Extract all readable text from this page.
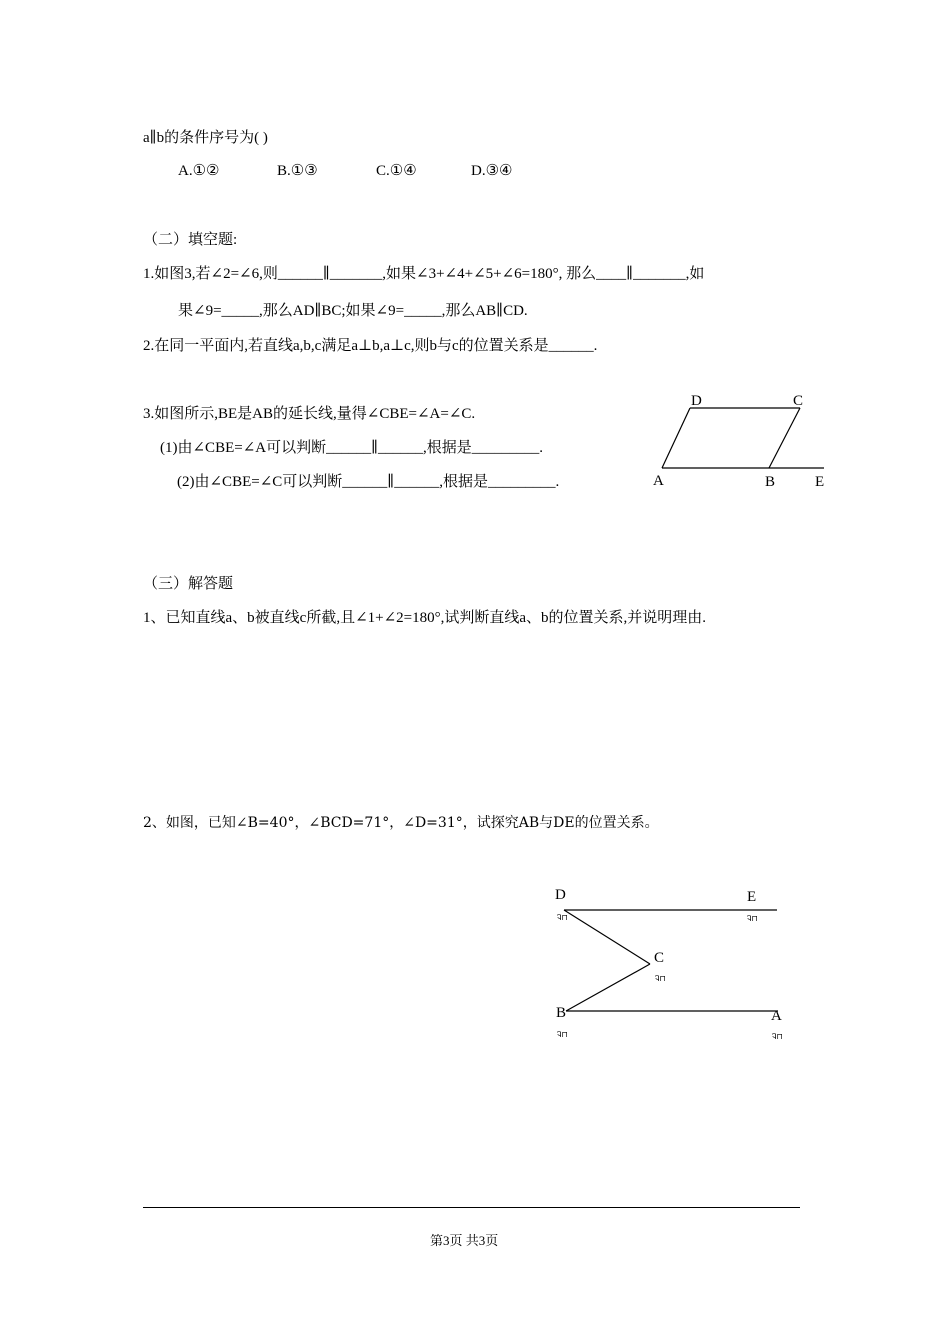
a∥b的条件序号为( )
A.①②	B.①③	C.①④	D.③④
（二）填空题:
1.如图3,若∠2=∠6,则______∥_______,如果∠3+∠4+∠5+∠6=180°, 那么____∥_______,如
果∠9=_____,那么AD∥BC;如果∠9=_____,那么AB∥CD.
2.在同一平面内,若直线a,b,c满足a⊥b,a⊥c,则b与c的位置关系是______.
3.如图所示,BE是AB的延长线,量得∠CBE=∠A=∠C.
(1)由∠CBE=∠A可以判断______∥______,根据是_________.
(2)由∠CBE=∠C可以判断______∥______,根据是_________.
D	C
A	B	E
（三）解答题
1、已知直线a、b被直线c所截,且∠1+∠2=180°,试判断直线a、b的位置关系,并说明理由.
2、如图，已知∠B=40°，∠BCD=71°，∠D=31°，试探究AB与DE的位置关系。
D	E
C
B	A
Ꮈ⊓	Ꮈ⊓
Ꮈ⊓
Ꮈ⊓	Ꮈ⊓
第3页 共3页
